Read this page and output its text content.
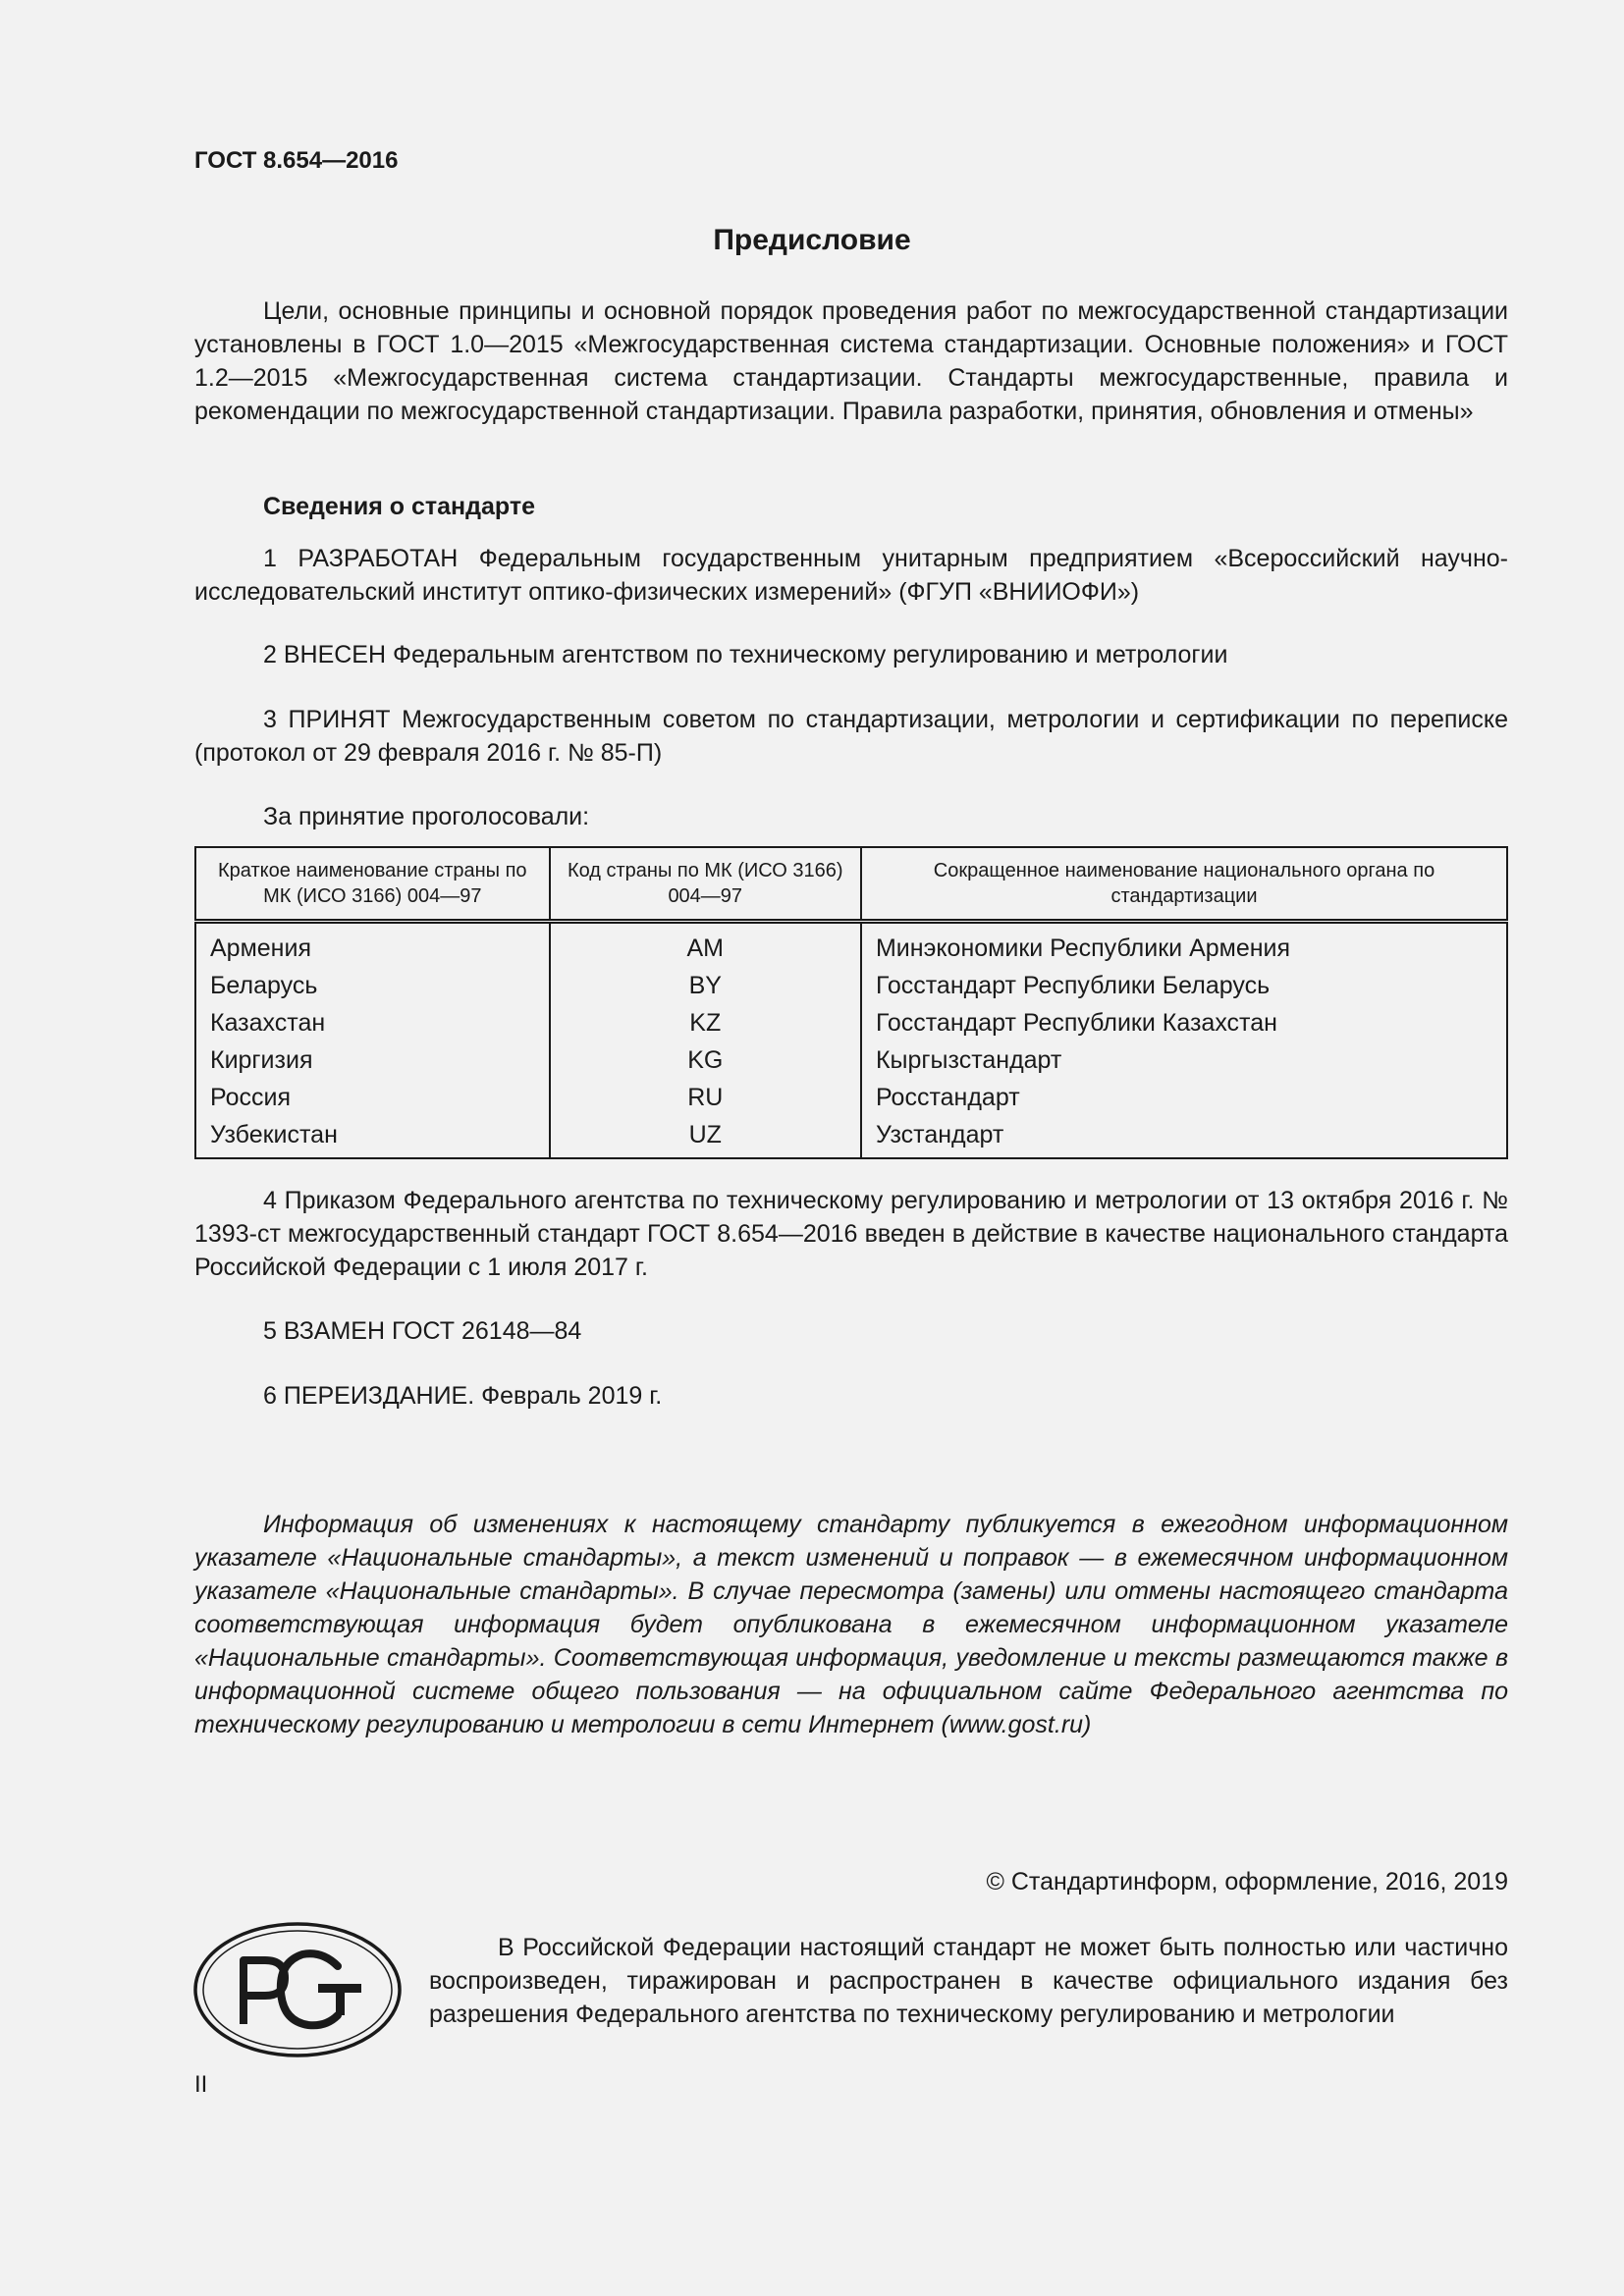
ГОСТ 8.654—2016
Предисловие

Цели, основные принципы и основной порядок проведения работ по межгосударственной стандартизации установлены в ГОСТ 1.0—2015 «Межгосударственная система стандартизации. Основные положения» и ГОСТ 1.2—2015 «Межгосударственная система стандартизации. Стандарты межгосударственные, правила и рекомендации по межгосударственной стандартизации. Правила разработки, принятия, обновления и отмены»

Сведения о стандарте

1 РАЗРАБОТАН Федеральным государственным унитарным предприятием «Всероссийский научно-исследовательский институт оптико-физических измерений» (ФГУП «ВНИИОФИ»)

2 ВНЕСЕН Федеральным агентством по техническому регулированию и метрологии

3 ПРИНЯТ Межгосударственным советом по стандартизации, метрологии и сертификации по переписке (протокол от 29 февраля 2016 г. № 85-П)

За принятие проголосовали:
Краткое наименование страны по МК (ИСО 3166) 004—97	Код страны по МК (ИСО 3166) 004—97	Сокращенное наименование национального органа по стандартизации
Армения	AM	Минэкономики Республики Армения
Беларусь	BY	Госстандарт Республики Беларусь
Казахстан	KZ	Госстандарт Республики Казахстан
Киргизия	KG	Кыргызстандарт
Россия	RU	Росстандарт
Узбекистан	UZ	Узстандарт

4 Приказом Федерального агентства по техническому регулированию и метрологии от 13 октября 2016 г. № 1393-ст межгосударственный стандарт ГОСТ 8.654—2016 введен в действие в качестве национального стандарта Российской Федерации с 1 июля 2017 г.

5 ВЗАМЕН ГОСТ 26148—84
6 ПЕРЕИЗДАНИЕ. Февраль 2019 г.

Информация об изменениях к настоящему стандарту публикуется в ежегодном информационном указателе «Национальные стандарты», а текст изменений и поправок — в ежемесячном информационном указателе «Национальные стандарты». В случае пересмотра (замены) или отмены настоящего стандарта соответствующая информация будет опубликована в ежемесячном информационном указателе «Национальные стандарты». Соответствующая информация, уведомление и тексты размещаются также в информационной системе общего пользования — на официальном сайте Федерального агентства по техническому регулированию и метрологии в сети Интернет (www.gost.ru)

© Стандартинформ, оформление, 2016, 2019

В Российской Федерации настоящий стандарт не может быть полностью или частично воспроизведен, тиражирован и распространен в качестве официального издания без разрешения Федерального агентства по техническому регулированию и метрологии

II
